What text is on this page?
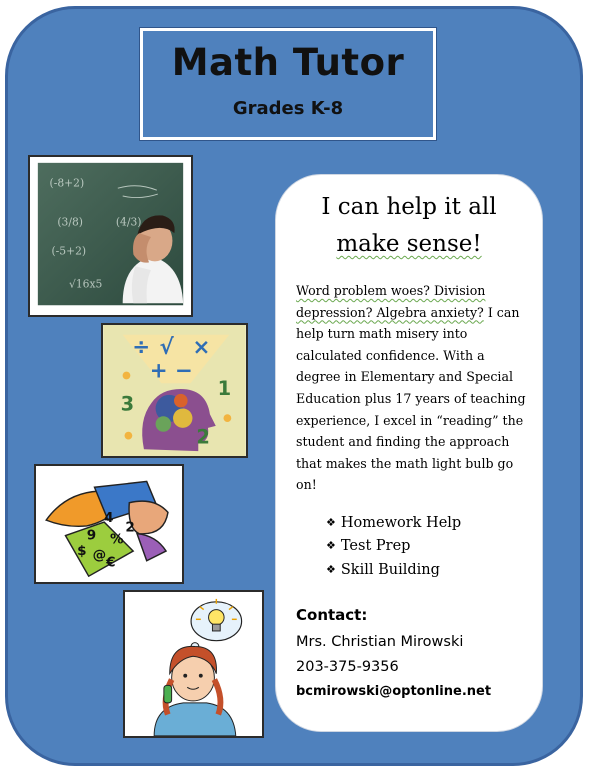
Math Tutor
Grades K-8
(-8+2)
(3/8)	(4/3)
(-5+2)
√16x5
÷ √ ×
+ −
3
1
2
4
9 %
2
$
€
@
I can help it all
make sense!
Word problem woes? Division depression? Algebra anxiety? I can help turn math misery into calculated confidence. With a degree in Elementary and Special Education plus 17 years of teaching experience, I excel in “reading” the student and finding the approach that makes the math light bulb go on!
❖ Homework Help
❖ Test Prep
❖ Skill Building
Contact:
Mrs. Christian Mirowski
203-375-9356
bcmirowski@optonline.net
